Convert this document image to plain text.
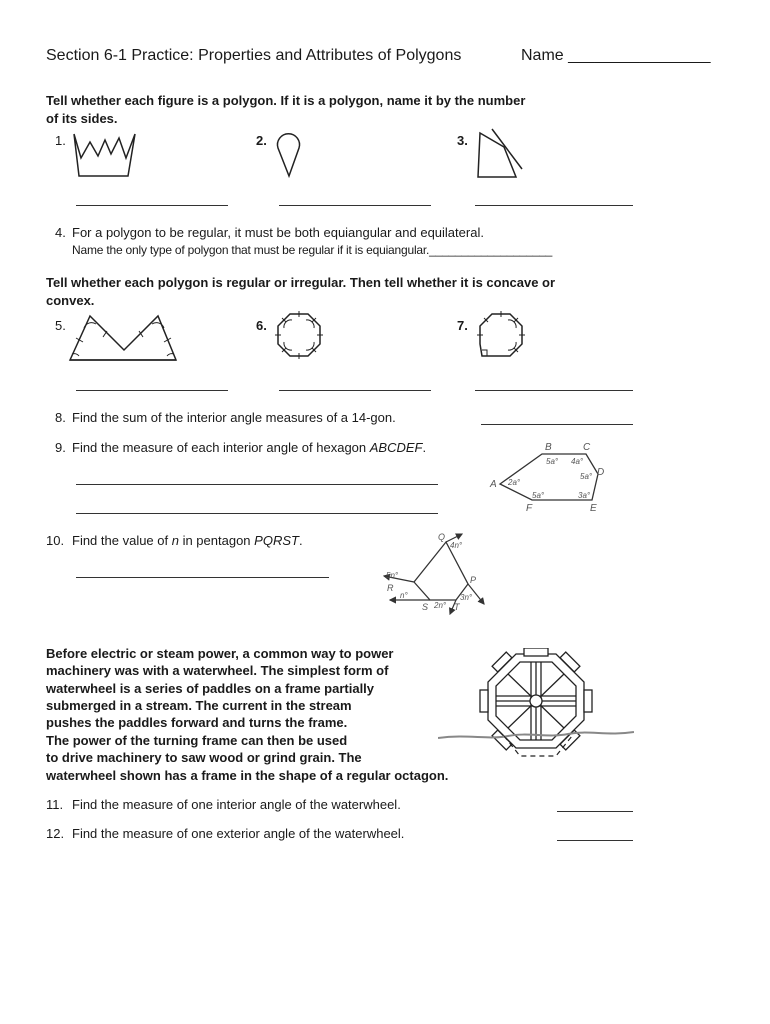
Section 6-1 Practice: Properties and Attributes of Polygons	Name ________________
Tell whether each figure is a polygon. If it is a polygon, name it by the number
of its sides.
1.	2.	3.
4. For a polygon to be regular, it must be both equiangular and equilateral.
Name the only type of polygon that must be regular if it is equiangular.___________________
Tell whether each polygon is regular or irregular. Then tell whether it is concave or
convex.
5.	6.	7.
8. Find the sum of the interior angle measures of a 14-gon.
9. Find the measure of each interior angle of hexagon ABCDEF.	B	C
D
E
F
A
5a° 4a°
5a°
3a°
5a°
2a°
10. Find the value of n in pentagon PQRST.	Q
P
R
S	T
4n°
5n°
n°	3n°
2n°
Before electric or steam power, a common way to power
machinery was with a waterwheel. The simplest form of
waterwheel is a series of paddles on a frame partially
submerged in a stream. The current in the stream
pushes the paddles forward and turns the frame.
The power of the turning frame can then be used
to drive machinery to saw wood or grind grain. The
waterwheel shown has a frame in the shape of a regular octagon.
11. Find the measure of one interior angle of the waterwheel.
12. Find the measure of one exterior angle of the waterwheel.
